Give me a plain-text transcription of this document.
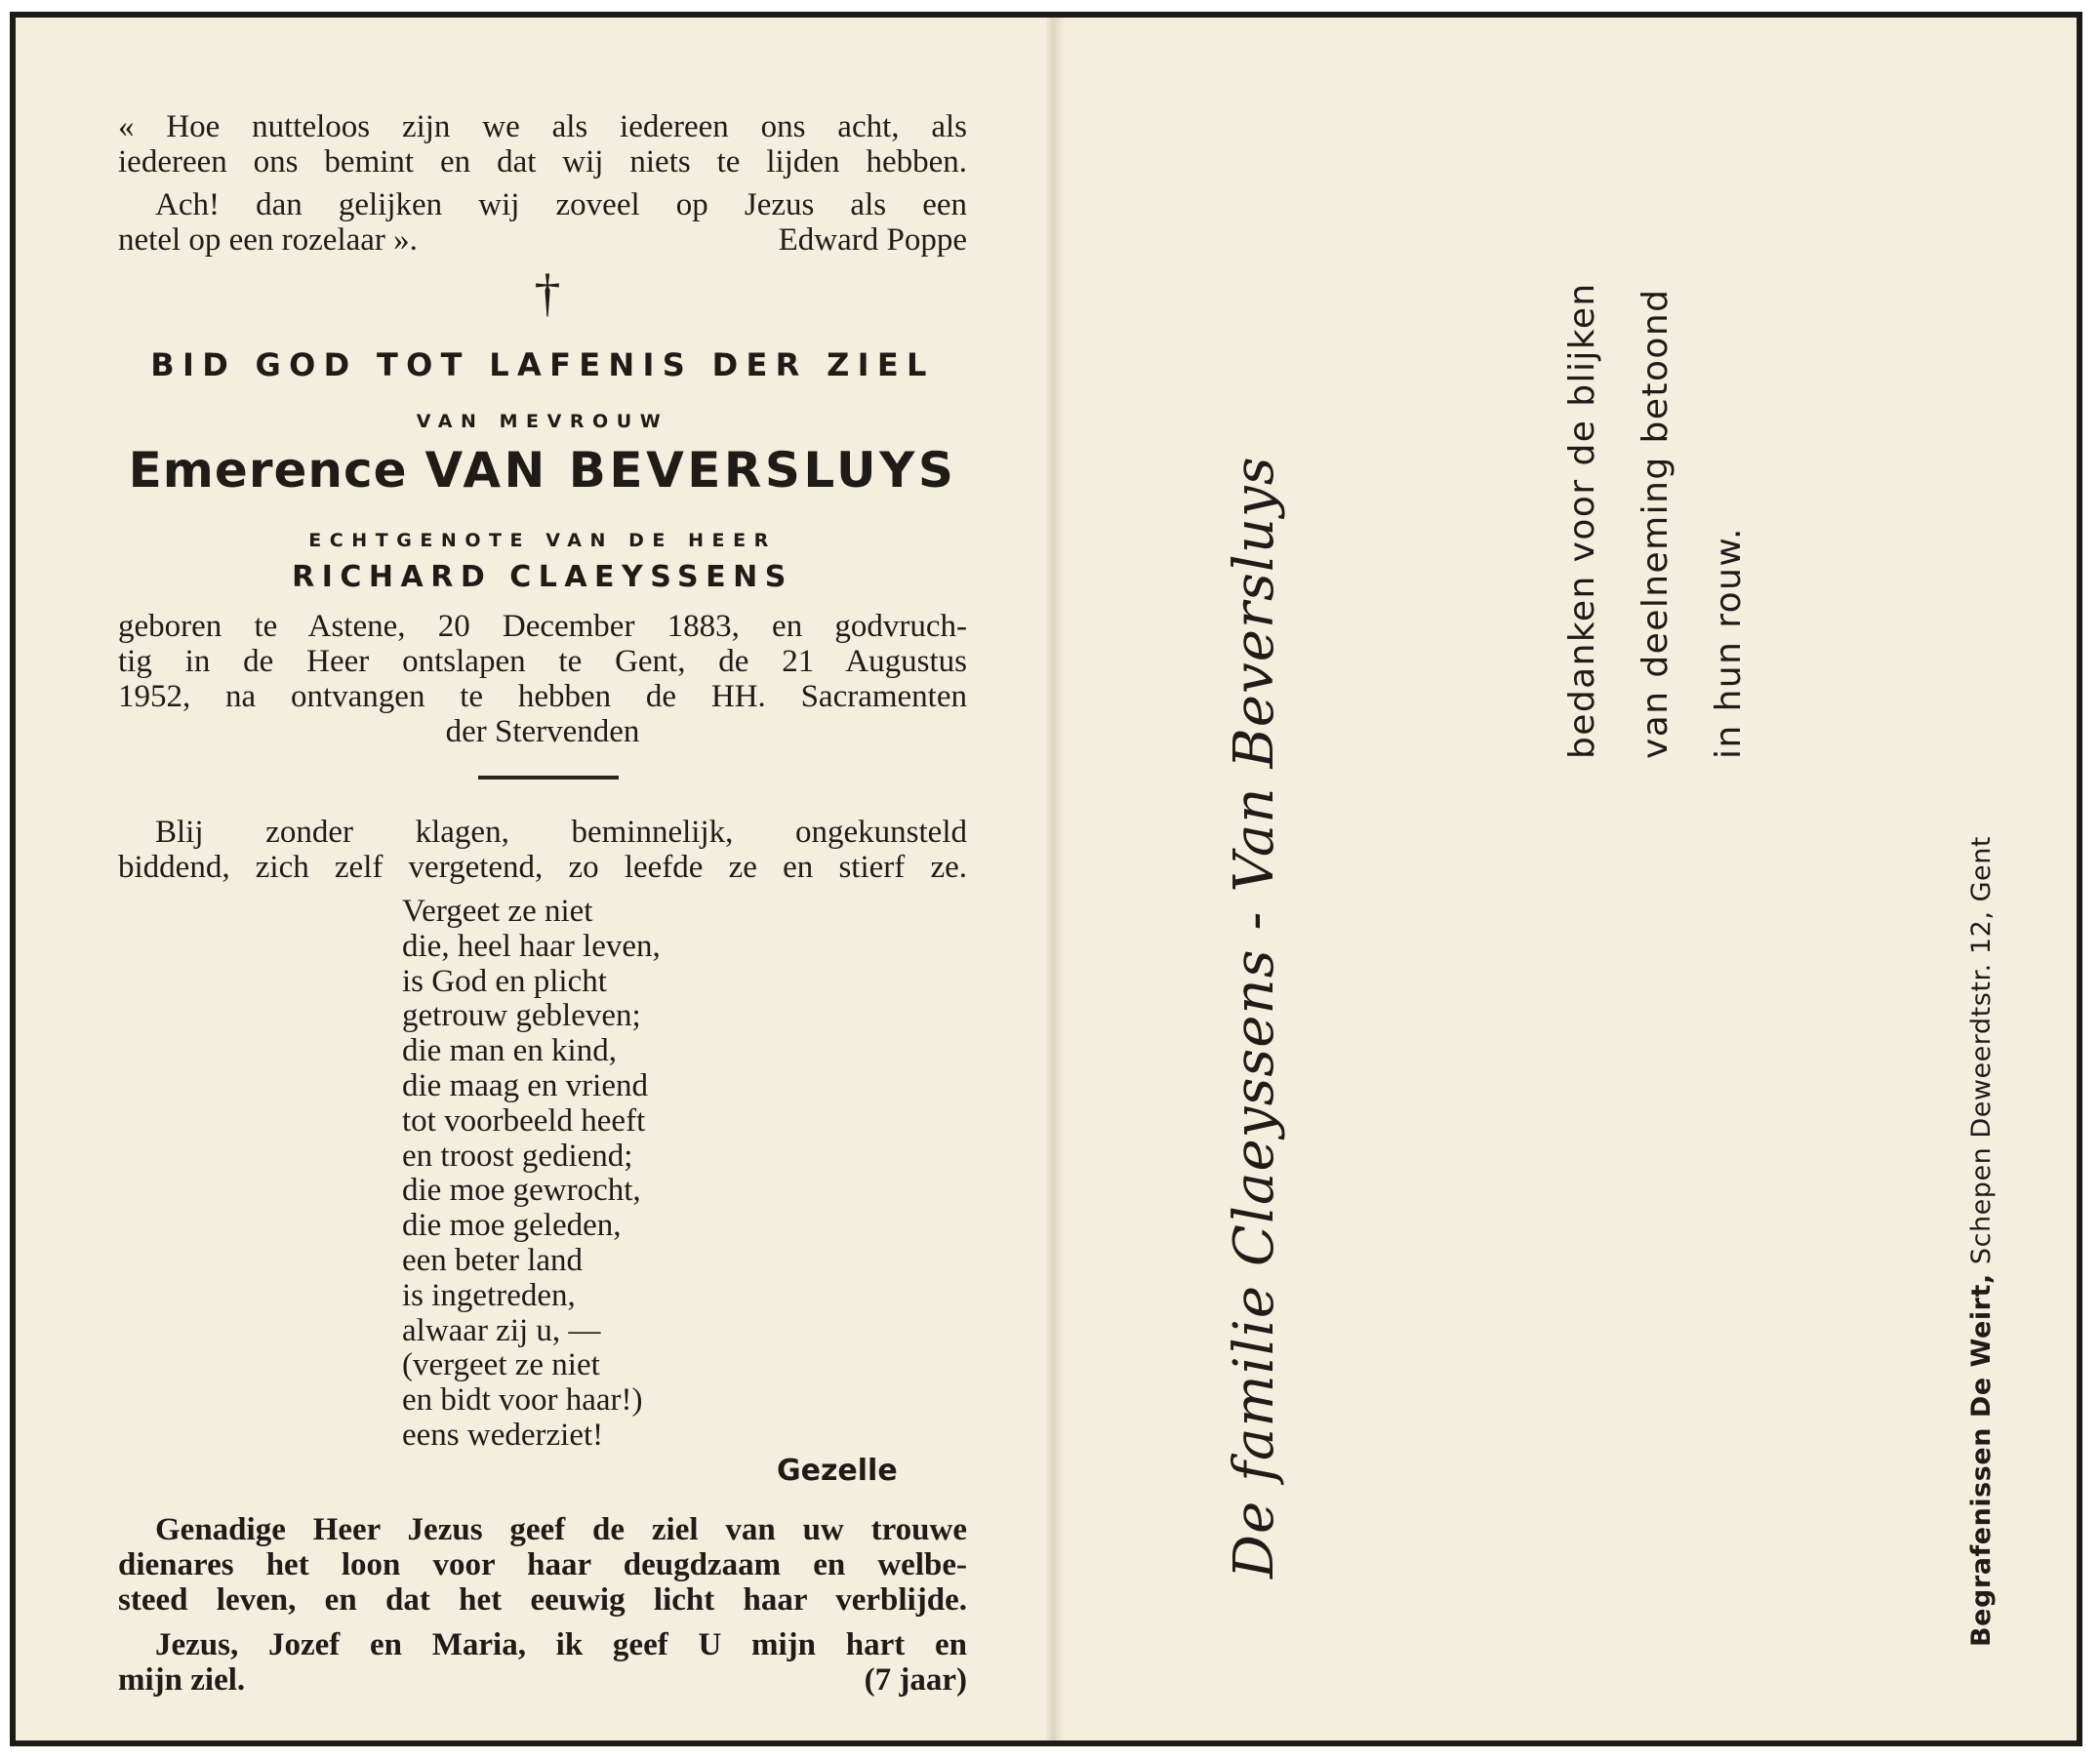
« Hoe nutteloos zijn we als iedereen ons acht, als
iedereen ons bemint en dat wij niets te lijden hebben.
Ach! dan gelijken wij zoveel op Jezus als een
netel op een rozelaar ».	Edward Poppe
†
BID GOD TOT LAFENIS DER ZIEL
VAN MEVROUW
Emerence VAN BEVERSLUYS
ECHTGENOTE VAN DE HEER
RICHARD CLAEYSSENS
geboren te Astene, 20 December 1883, en godvruch-
tig in de Heer ontslapen te Gent, de 21 Augustus
1952, na ontvangen te hebben de HH. Sacramenten
der Stervenden
Blij zonder klagen, beminnelijk, ongekunsteld
biddend, zich zelf vergetend, zo leefde ze en stierf ze.
Vergeet ze niet
die, heel haar leven,
is God en plicht
getrouw gebleven;
die man en kind,
die maag en vriend
tot voorbeeld heeft
en troost gediend;
die moe gewrocht,
die moe geleden,
een beter land
is ingetreden,
alwaar zij u, —
(vergeet ze niet
en bidt voor haar!)
eens wederziet!
Gezelle
Genadige Heer Jezus geef de ziel van uw trouwe
dienares het loon voor haar deugdzaam en welbe-
steed leven, en dat het eeuwig licht haar verblijde.
Jezus, Jozef en Maria, ik geef U mijn hart en
mijn ziel.	(7 jaar)
De familie Claeyssens - Van Beversluys	bedanken voor de blijken van deelneming betoond in hun rouw.
Begrafenissen De Weirt, Schepen Deweerdtstr. 12, Gent
